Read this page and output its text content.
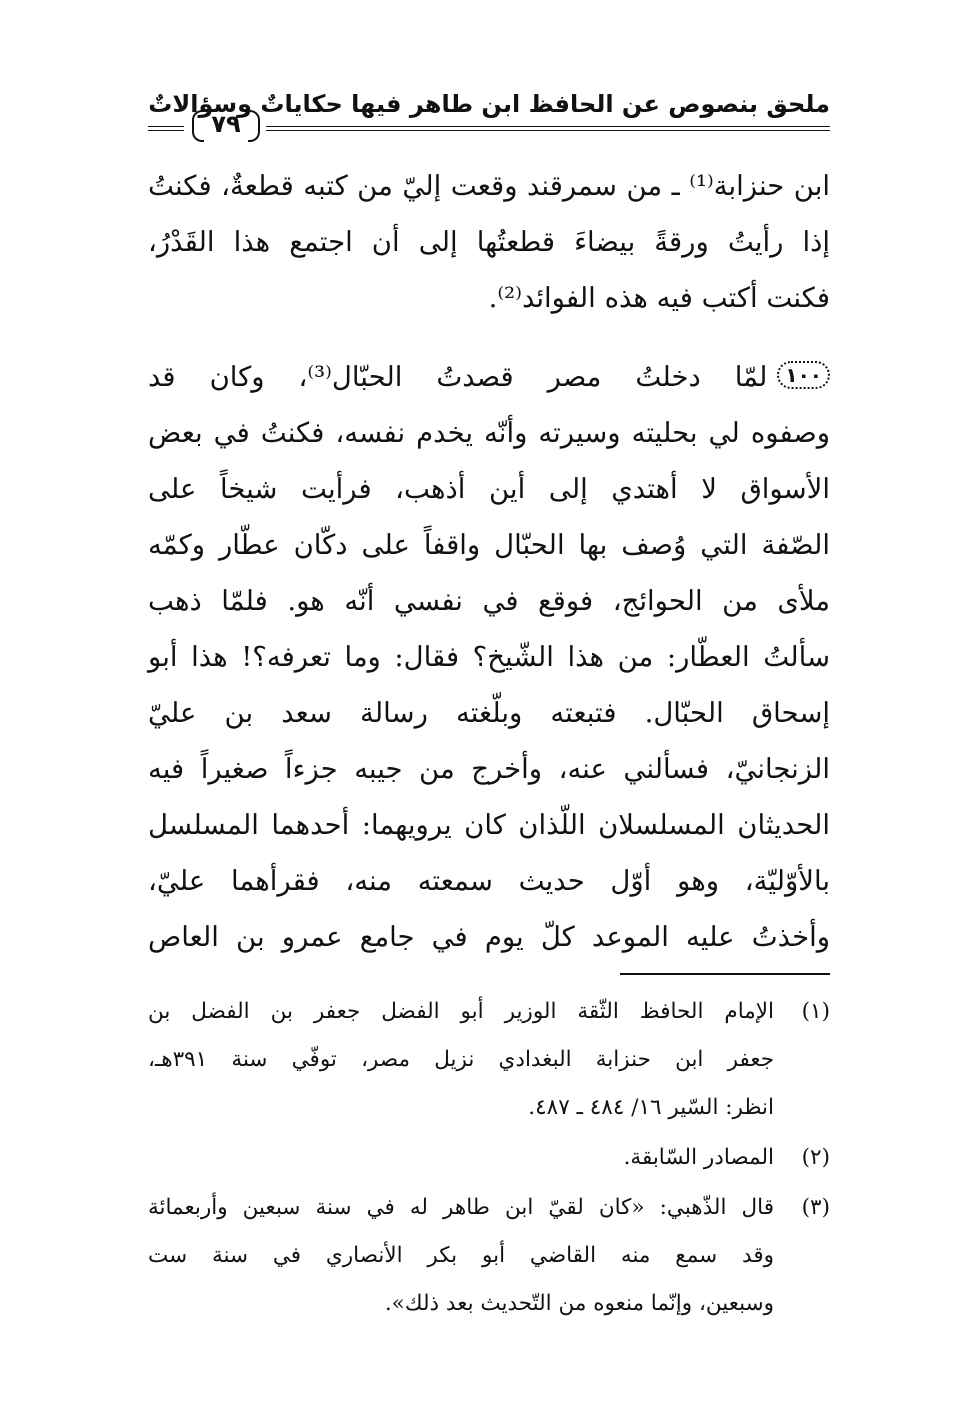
ملحق بنصوص عن الحافظ ابن طاهر فيها حكاياتٌ وسؤالاتٌ
٧٩
ابن حنزابة⁽¹⁾ ـ من سمرقند وقعت إليّ من كتبه قطعةٌ، فكنتُ
إذا رأيتُ ورقةً بيضاءَ قطعتُها إلى أن اجتمع هذا القَدْرُ،
فكنت أكتب فيه هذه الفوائد⁽²⁾.
١٠٠لمّا دخلتُ مصر قصدتُ الحبّال⁽³⁾، وكان قد
وصفوه لي بحليته وسيرته وأنّه يخدم نفسه، فكنتُ في بعض
الأسواق لا أهتدي إلى أين أذهب، فرأيت شيخاً على
الصّفة التي وُصف بها الحبّال واقفاً على دكّان عطّار وكمّه
ملأى من الحوائج، فوقع في نفسي أنّه هو. فلمّا ذهب
سألتُ العطّار: من هذا الشّيخ؟ فقال: وما تعرفه؟! هذا أبو
إسحاق الحبّال. فتبعته وبلّغته رسالة سعد بن عليّ
الزنجانيّ، فسألني عنه، وأخرج من جيبه جزءاً صغيراً فيه
الحديثان المسلسلان اللّذان كان يرويهما: أحدهما المسلسل
بالأوّليّة، وهو أوّل حديث سمعته منه، فقرأهما عليّ،
وأخذتُ عليه الموعد كلّ يوم في جامع عمرو بن العاص
(١)
الإمام الحافظ الثّقة الوزير أبو الفضل جعفر بن الفضل بن
جعفر ابن حنزابة البغدادي نزيل مصر، توفّي سنة ٣٩١هـ،
انظر: السّير ١٦/ ٤٨٤ ـ ٤٨٧.
(٢)
المصادر السّابقة.
(٣)
قال الذّهبي: «كان لقيّ ابن طاهر له في سنة سبعين وأربعمائة
وقد سمع منه القاضي أبو بكر الأنصاري في سنة ست
وسبعين، وإنّما منعوه من التّحديث بعد ذلك».
